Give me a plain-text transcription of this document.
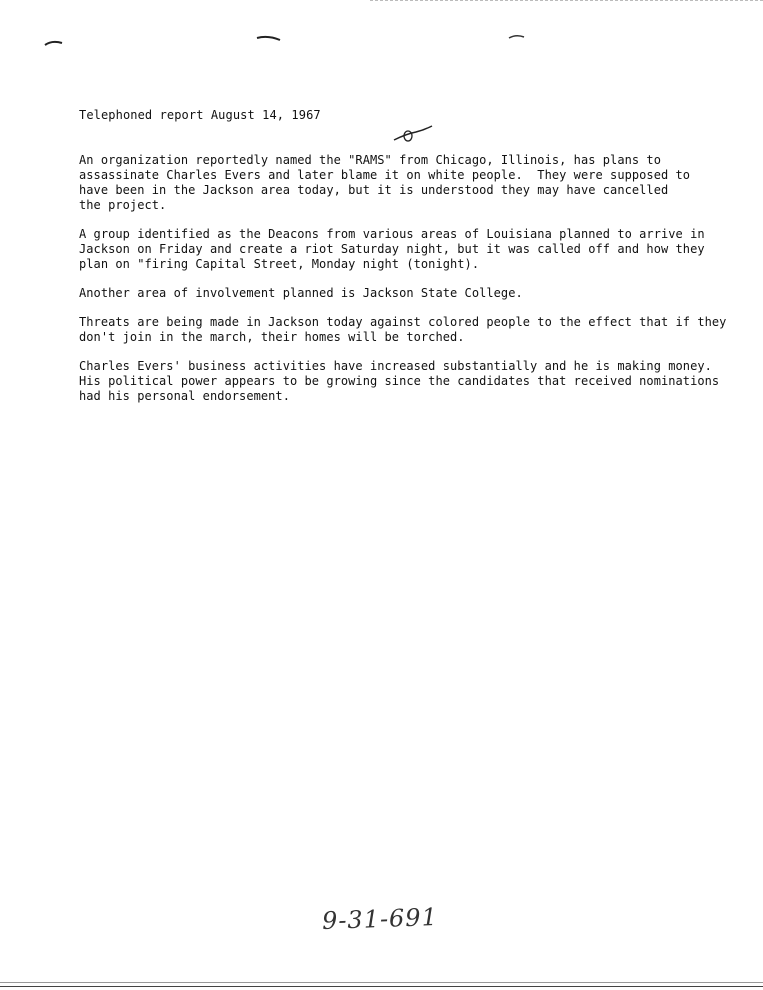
Telephoned report August 14, 1967

An organization reportedly named the "RAMS" from Chicago, Illinois, has plans to
assassinate Charles Evers and later blame it on white people.  They were supposed to
have been in the Jackson area today, but it is understood they may have cancelled
the project.

A group identified as the Deacons from various areas of Louisiana planned to arrive in
Jackson on Friday and create a riot Saturday night, but it was called off and how they
plan on "firing Capital Street, Monday night (tonight).

Another area of involvement planned is Jackson State College.

Threats are being made in Jackson today against colored people to the effect that if they
don't join in the march, their homes will be torched.

Charles Evers' business activities have increased substantially and he is making money.
His political power appears to be growing since the candidates that received nominations
had his personal endorsement.

9-31-691
